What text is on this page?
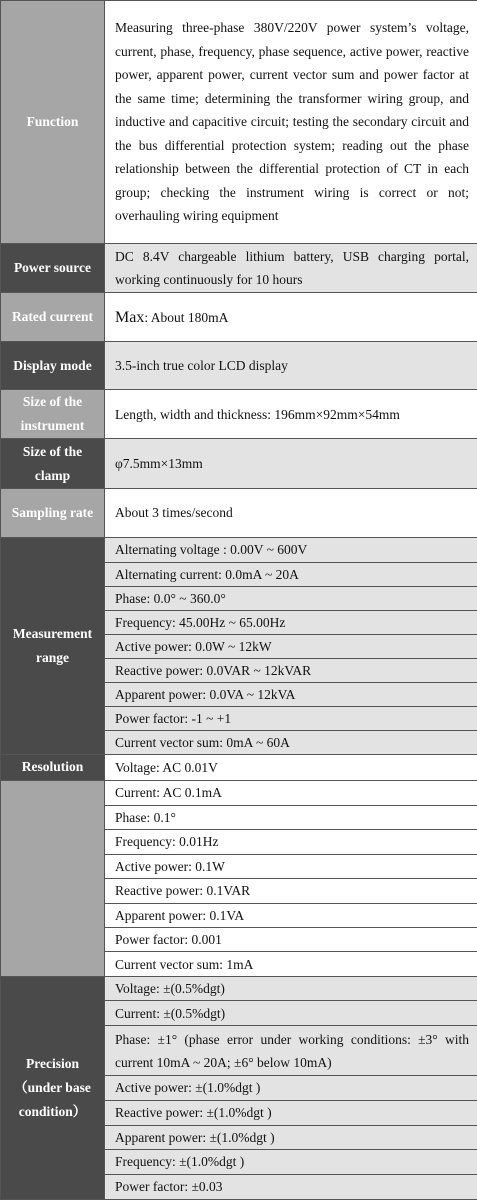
Function	Measuring three-phase 380V/220V power system’s voltage, current, phase, frequency, phase sequence, active power, reactive power, apparent power, current vector sum and power factor at the same time; determining the transformer wiring group, and inductive and capacitive circuit; testing the secondary circuit and the bus differential protection system; reading out the phase relationship between the differential protection of CT in each group; checking the instrument wiring is correct or not; overhauling wiring equipment
Power source	DC 8.4V chargeable lithium battery, USB charging portal, working continuously for 10 hours
Rated current	Max: About 180mA
Display mode	3.5-inch true color LCD display
Size of the instrument	Length, width and thickness: 196mm×92mm×54mm
Size of the clamp	φ7.5mm×13mm
Sampling rate	About 3 times/second
Measurement range	Alternating voltage : 0.00V ~ 600V
	Alternating current: 0.0mA ~ 20A
	Phase: 0.0° ~ 360.0°
	Frequency: 45.00Hz ~ 65.00Hz
	Active power: 0.0W ~ 12kW
	Reactive power: 0.0VAR ~ 12kVAR
	Apparent power: 0.0VA ~ 12kVA
	Power factor: -1 ~ +1
	Current vector sum: 0mA ~ 60A
Resolution	Voltage: AC 0.01V
	Current: AC 0.1mA
	Phase: 0.1°
	Frequency: 0.01Hz
	Active power: 0.1W
	Reactive power: 0.1VAR
	Apparent power: 0.1VA
	Power factor: 0.001
	Current vector sum: 1mA
Precision （under base condition）	Voltage: ±(0.5%dgt)
	Current: ±(0.5%dgt)
	Phase: ±1° (phase error under working conditions: ±3° with current 10mA ~ 20A; ±6° below 10mA)
	Active power: ±(1.0%dgt )
	Reactive power: ±(1.0%dgt )
	Apparent power: ±(1.0%dgt )
	Frequency: ±(1.0%dgt )
	Power factor: ±0.03
